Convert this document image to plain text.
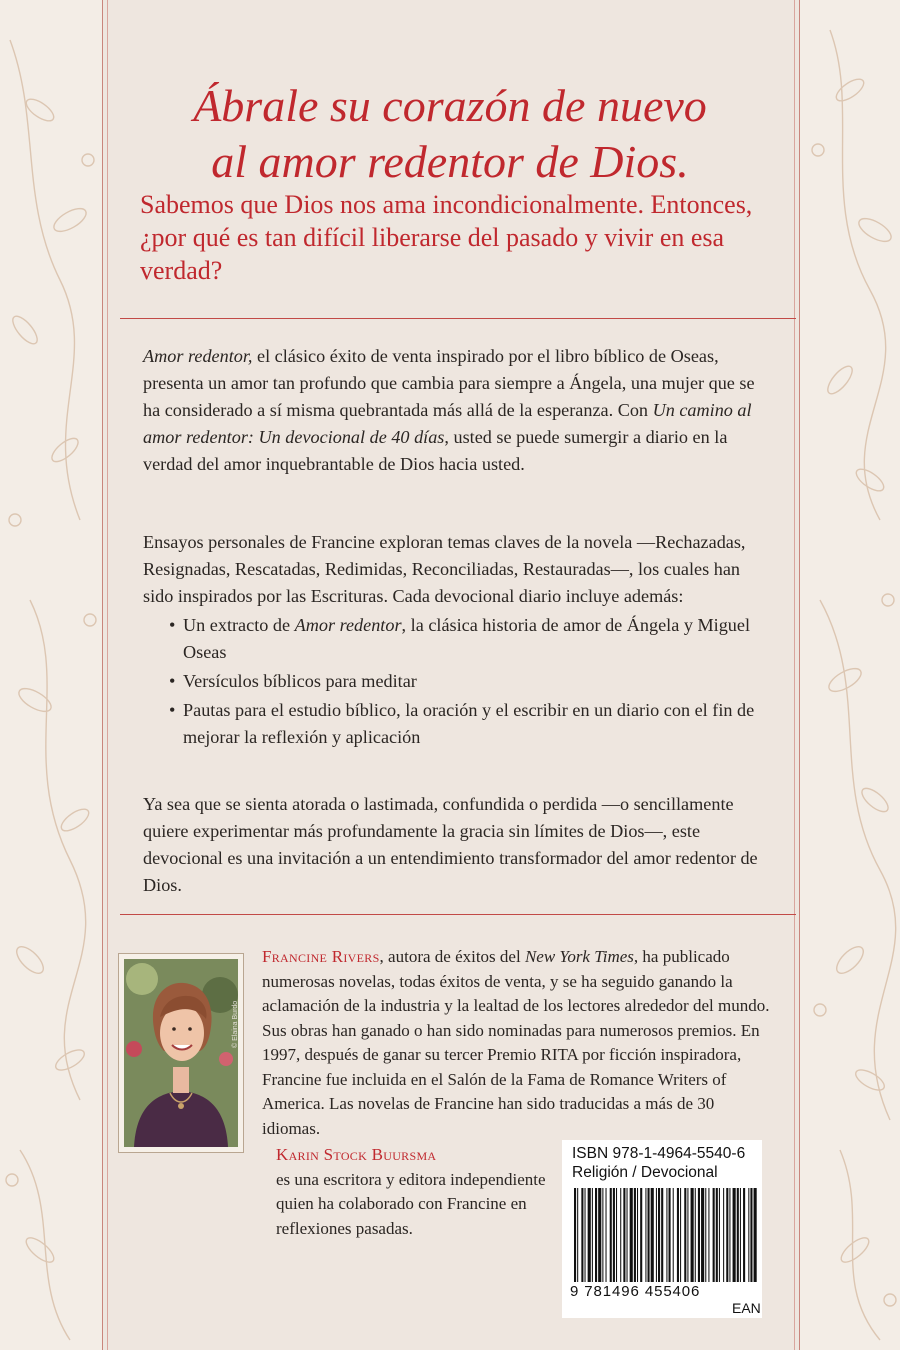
Ábrale su corazón de nuevo
al amor redentor de Dios.
Sabemos que Dios nos ama incondicionalmente. Entonces, ¿por qué es tan difícil liberarse del pasado y vivir en esa verdad?
Amor redentor, el clásico éxito de venta inspirado por el libro bíblico de Oseas, presenta un amor tan profundo que cambia para siempre a Ángela, una mujer que se ha considerado a sí misma quebrantada más allá de la esperanza. Con Un camino al amor redentor: Un devocional de 40 días, usted se puede sumergir a diario en la verdad del amor inquebrantable de Dios hacia usted.
Ensayos personales de Francine exploran temas claves de la novela —Rechazadas, Resignadas, Rescatadas, Redimidas, Reconciliadas, Restauradas—, los cuales han sido inspirados por las Escrituras. Cada devocional diario incluye además:
• Un extracto de Amor redentor, la clásica historia de amor de Ángela y Miguel Oseas
• Versículos bíblicos para meditar
• Pautas para el estudio bíblico, la oración y el escribir en un diario con el fin de mejorar la reflexión y aplicación
Ya sea que se sienta atorada o lastimada, confundida o perdida —o sencillamente quiere experimentar más profundamente la gracia sin límites de Dios—, este devocional es una invitación a un entendimiento transformador del amor redentor de Dios.
© Elaina Burdo
Francine Rivers, autora de éxitos del New York Times, ha publicado numerosas novelas, todas éxitos de venta, y se ha seguido ganando la aclamación de la industria y la lealtad de los lectores alrededor del mundo. Sus obras han ganado o han sido nominadas para numerosos premios. En 1997, después de ganar su tercer Premio RITA por ficción inspiradora, Francine fue incluida en el Salón de la Fama de Romance Writers of America. Las novelas de Francine han sido traducidas a más de 30 idiomas.
Karin Stock Buursma
es una escritora y editora independiente quien ha colaborado con Francine en reflexiones pasadas.
ISBN 978-1-4964-5540-6
Religión / Devocional
9 781496 455406
EAN
